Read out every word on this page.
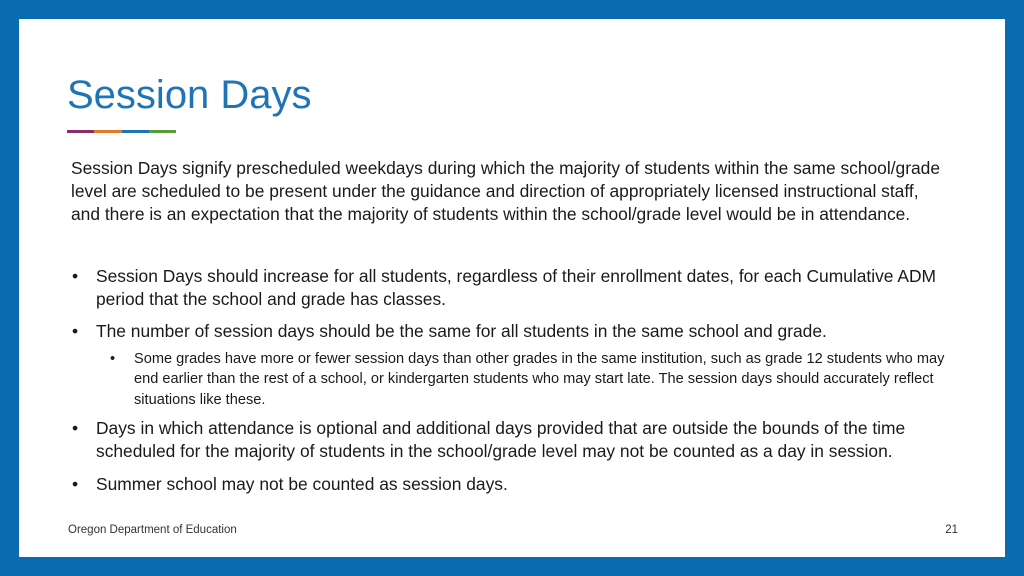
Session Days

Session Days signify prescheduled weekdays during which the majority of students within the same school/grade level are scheduled to be present under the guidance and direction of appropriately licensed instructional staff, and there is an expectation that the majority of students within the school/grade level would be in attendance.

• Session Days should increase for all students, regardless of their enrollment dates, for each Cumulative ADM period that the school and grade has classes.
• The number of session days should be the same for all students in the same school and grade.
• Some grades have more or fewer session days than other grades in the same institution, such as grade 12 students who may end earlier than the rest of a school, or kindergarten students who may start late. The session days should accurately reflect situations like these.
• Days in which attendance is optional and additional days provided that are outside the bounds of the time scheduled for the majority of students in the school/grade level may not be counted as a day in session.
• Summer school may not be counted as session days.
Oregon Department of Education	21
